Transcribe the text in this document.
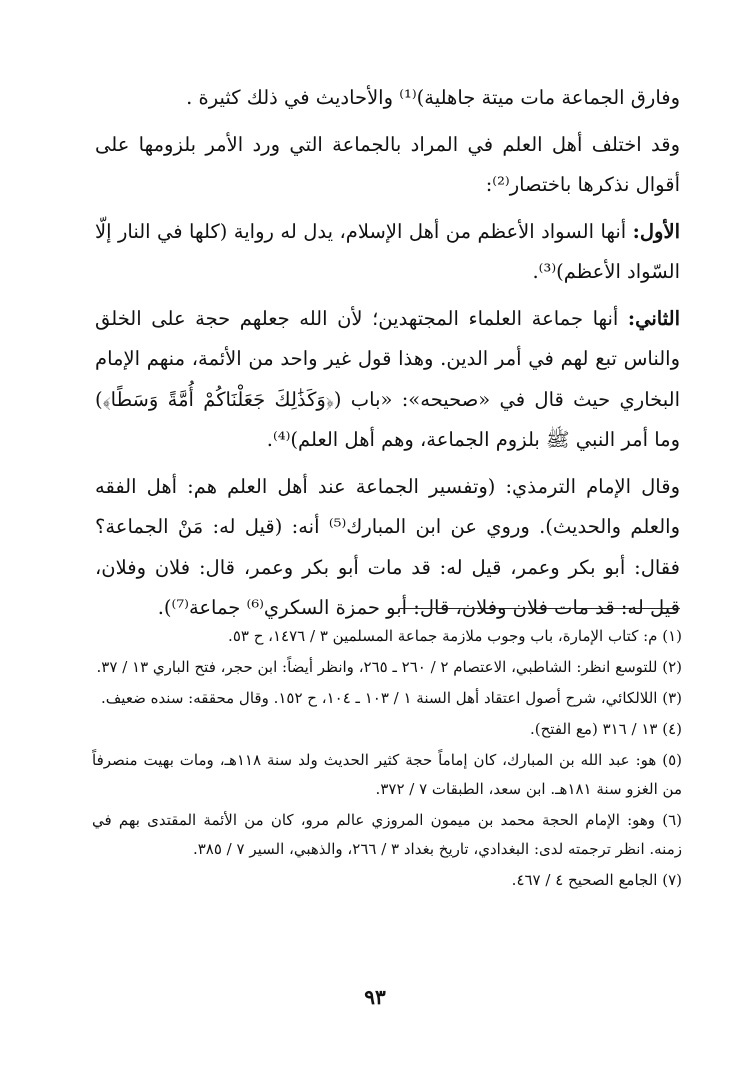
وفارق الجماعة مات ميتة جاهلية)⁽¹⁾ والأحاديث في ذلك كثيرة .

وقد اختلف أهل العلم في المراد بالجماعة التي ورد الأمر بلزومها على أقوال نذكرها باختصار⁽²⁾:

الأول: أنها السواد الأعظم من أهل الإسلام، يدل له رواية (كلها في النار إلّا السّواد الأعظم)⁽³⁾.

الثاني: أنها جماعة العلماء المجتهدين؛ لأن الله جعلهم حجة على الخلق والناس تبع لهم في أمر الدين. وهذا قول غير واحد من الأئمة، منهم الإمام البخاري حيث قال في «صحيحه»: «باب (﴿وَكَذَٰلِكَ جَعَلْنَاكُمْ أُمَّةً وَسَطًا﴾) وما أمر النبي ﷺ بلزوم الجماعة، وهم أهل العلم)⁽⁴⁾.

وقال الإمام الترمذي: (وتفسير الجماعة عند أهل العلم هم: أهل الفقه والعلم والحديث). وروي عن ابن المبارك⁽⁵⁾ أنه: (قيل له: مَنْ الجماعة؟ فقال: أبو بكر وعمر، قيل له: قد مات أبو بكر وعمر، قال: فلان وفلان، قيل له: قد مات فلان وفلان، قال: أبو حمزة السكري⁽⁶⁾ جماعة⁽⁷⁾).

(١) م: كتاب الإمارة، باب وجوب ملازمة جماعة المسلمين ٣ / ١٤٧٦، ح ٥٣.

(٢) للتوسع انظر: الشاطبي، الاعتصام ٢ / ٢٦٠ ـ ٢٦٥، وانظر أيضاً: ابن حجر، فتح الباري ١٣ / ٣٧.

(٣) اللالكائي، شرح أصول اعتقاد أهل السنة ١ / ١٠٣ ـ ١٠٤، ح ١٥٢. وقال محققه: سنده ضعيف.

(٤) ١٣ / ٣١٦ (مع الفتح).

(٥) هو: عبد الله بن المبارك، كان إماماً حجة كثير الحديث ولد سنة ١١٨هـ، ومات بهيت منصرفاً من الغزو سنة ١٨١هـ. ابن سعد، الطبقات ٧ / ٣٧٢.

(٦) وهو: الإمام الحجة محمد بن ميمون المروزي عالم مرو، كان من الأئمة المقتدى بهم في زمنه. انظر ترجمته لدى: البغدادي، تاريخ بغداد ٣ / ٢٦٦، والذهبي، السير ٧ / ٣٨٥.

(٧) الجامع الصحيح ٤ / ٤٦٧.

٩٣
